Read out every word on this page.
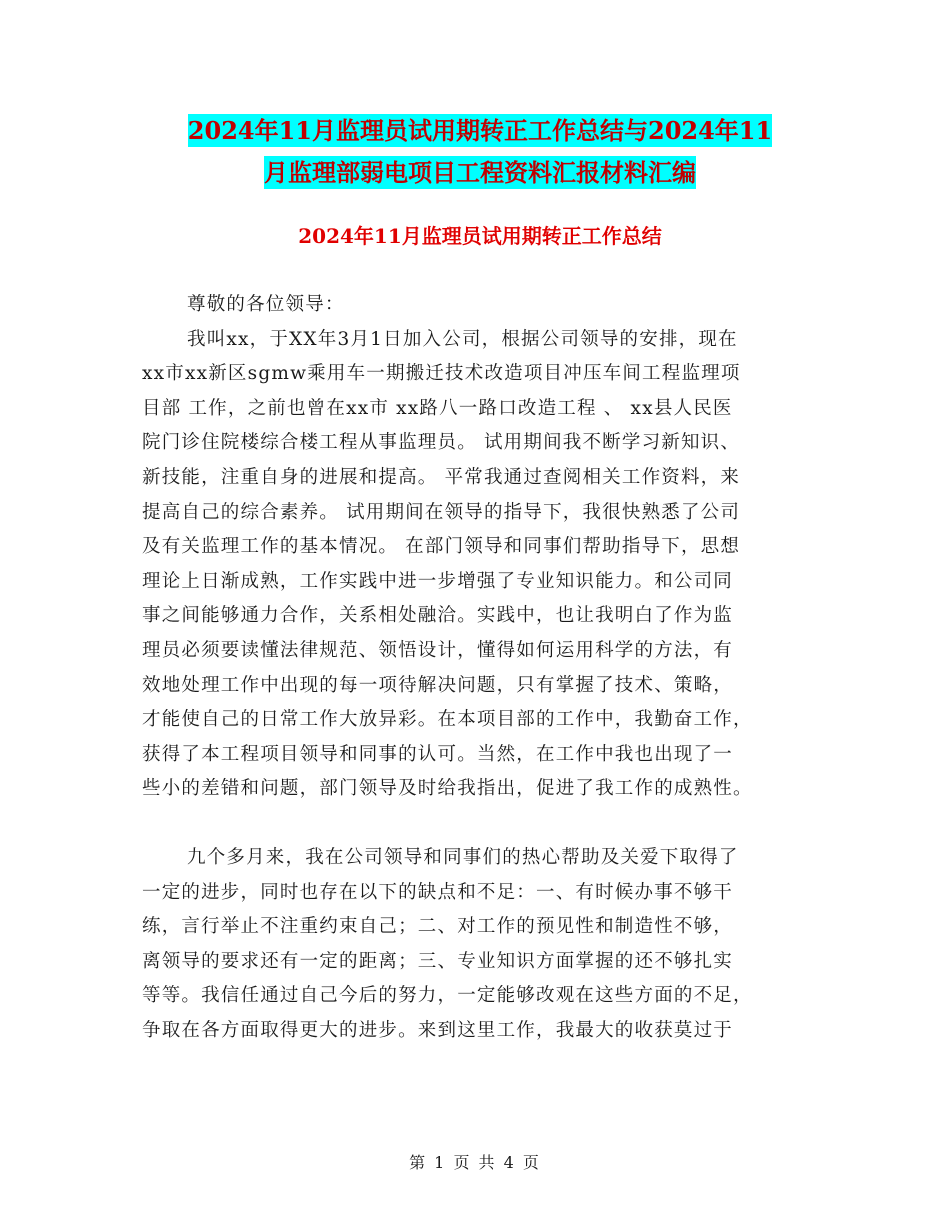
2024年11月监理员试用期转正工作总结与2024年11
月监理部弱电项目工程资料汇报材料汇编
2024年11月监理员试用期转正工作总结
尊敬的各位领导：

我叫xx，于XX年3月1日加入公司，根据公司领导的安排，现在
xx市xx新区sgmw乘用车一期搬迁技术改造项目冲压车间工程监理项
目部 工作，之前也曾在xx市 xx路八一路口改造工程 、 xx县人民医
院门诊住院楼综合楼工程从事监理员。 试用期间我不断学习新知识、
新技能，注重自身的进展和提高。 平常我通过查阅相关工作资料，来
提高自己的综合素养。 试用期间在领导的指导下，我很快熟悉了公司
及有关监理工作的基本情况。 在部门领导和同事们帮助指导下，思想
理论上日渐成熟，工作实践中进一步增强了专业知识能力。和公司同
事之间能够通力合作，关系相处融洽。实践中，也让我明白了作为监
理员必须要读懂法律规范、领悟设计，懂得如何运用科学的方法，有
效地处理工作中出现的每一项待解决问题，只有掌握了技术、策略，
才能使自己的日常工作大放异彩。在本项目部的工作中，我勤奋工作，
获得了本工程项目领导和同事的认可。当然，在工作中我也出现了一
些小的差错和问题，部门领导及时给我指出，促进了我工作的成熟性。

九个多月来，我在公司领导和同事们的热心帮助及关爱下取得了
一定的进步，同时也存在以下的缺点和不足：一、有时候办事不够干
练，言行举止不注重约束自己；二、对工作的预见性和制造性不够，
离领导的要求还有一定的距离；三、专业知识方面掌握的还不够扎实
等等。我信任通过自己今后的努力，一定能够改观在这些方面的不足，
争取在各方面取得更大的进步。来到这里工作，我最大的收获莫过于

第 1 页 共 4 页
